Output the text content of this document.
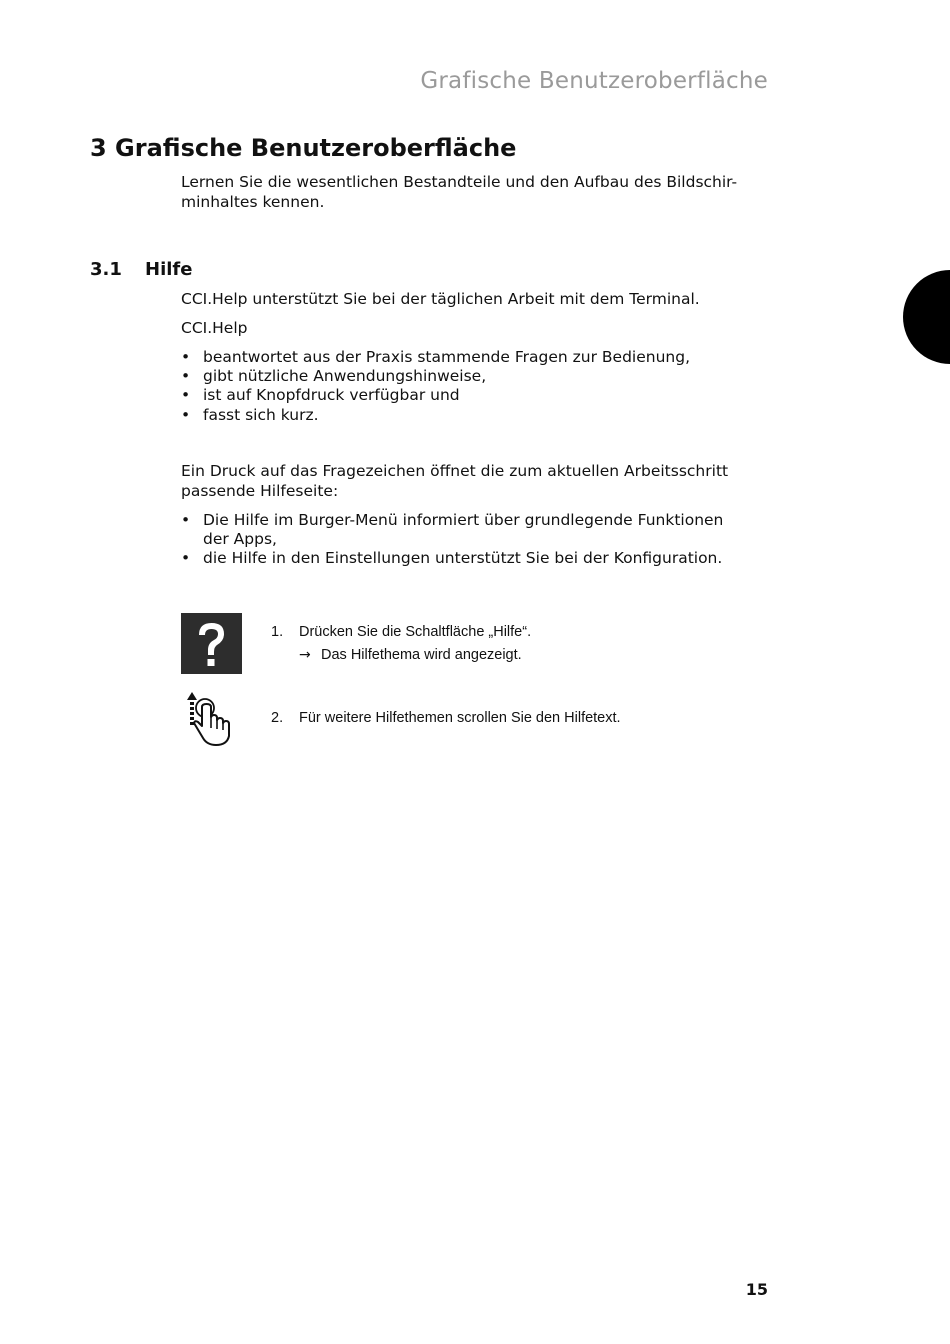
Grafische Benutzeroberfläche
3 Grafische Benutzeroberfläche

Lernen Sie die wesentlichen Bestandteile und den Aufbau des Bildschir-
minhaltes kennen.

3.1 Hilfe

CCI.Help unterstützt Sie bei der täglichen Arbeit mit dem Terminal.

CCI.Help

• beantwortet aus der Praxis stammende Fragen zur Bedienung,
• gibt nützliche Anwendungshinweise,
• ist auf Knopfdruck verfügbar und
• fasst sich kurz.

Ein Druck auf das Fragezeichen öffnet die zum aktuellen Arbeitsschritt
passende Hilfeseite:

• Die Hilfe im Burger-Menü informiert über grundlegende Funktionen der Apps,
• die Hilfe in den Einstellungen unterstützt Sie bei der Konfiguration.
1. Drücken Sie die Schaltfläche „Hilfe“.
→ Das Hilfethema wird angezeigt.
2. Für weitere Hilfethemen scrollen Sie den Hilfetext.
15
